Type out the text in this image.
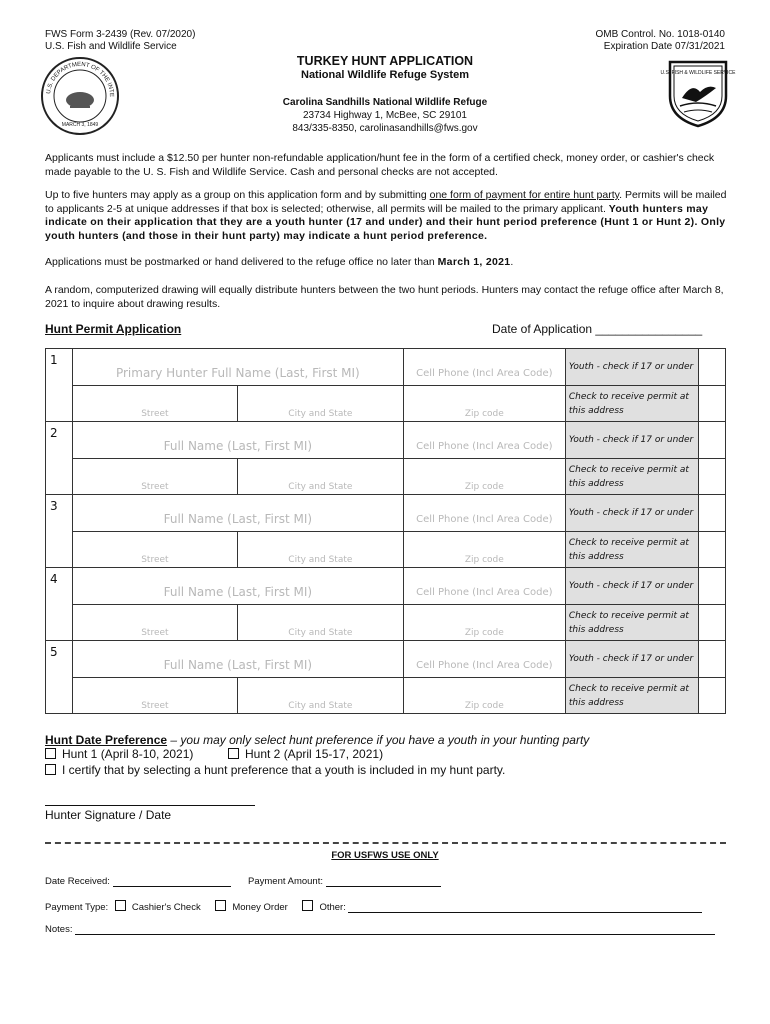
FWS Form 3-2439 (Rev. 07/2020)
U.S. Fish and Wildlife Service
OMB Control. No. 1018-0140
Expiration Date 07/31/2021
U.S. DEPARTMENT OF THE INTE
MARCH 3, 1849
U.S. FISH & WILDLIFE SERVICE
TURKEY HUNT APPLICATION
National Wildlife Refuge System
Carolina Sandhills National Wildlife Refuge
23734 Highway 1, McBee, SC 29101
843/335-8350, carolinasandhills@fws.gov
Applicants must include a $12.50 per hunter non-refundable application/hunt fee in the form of a certified check, money order, or cashier's check made payable to the U. S. Fish and Wildlife Service. Cash and personal checks are not accepted.
Up to five hunters may apply as a group on this application form and by submitting one form of payment for entire hunt party. Permits will be mailed to applicants 2-5 at unique addresses if that box is selected; otherwise, all permits will be mailed to the primary applicant. Youth hunters may indicate on their application that they are a youth hunter (17 and under) and their hunt period preference (Hunt 1 or Hunt 2). Only youth hunters (and those in their hunt party) may indicate a hunt period preference.
Applications must be postmarked or hand delivered to the refuge office no later than March 1, 2021.
A random, computerized drawing will equally distribute hunters between the two hunt periods. Hunters may contact the refuge office after March 8, 2021 to inquire about drawing results.
Hunt Permit Application	Date of Application ________________
1	Primary Hunter Full Name (Last, First MI)		Cell Phone (Incl Area Code)	Youth - check if 17 or under	
	Street	City and State	Zip code	Check to receive permit at this address	
2	Full Name (Last, First MI)		Cell Phone (Incl Area Code)	Youth - check if 17 or under	
	Street	City and State	Zip code	Check to receive permit at this address	
3	Full Name (Last, First MI)		Cell Phone (Incl Area Code)	Youth - check if 17 or under	
	Street	City and State	Zip code	Check to receive permit at this address	
4	Full Name (Last, First MI)		Cell Phone (Incl Area Code)	Youth - check if 17 or under	
	Street	City and State	Zip code	Check to receive permit at this address	
5	Full Name (Last, First MI)		Cell Phone (Incl Area Code)	Youth - check if 17 or under	
	Street	City and State	Zip code	Check to receive permit at this address	
Hunt Date Preference – you may only select hunt preference if you have a youth in your hunting party
Hunt 1 (April 8-10, 2021)	Hunt 2 (April 15-17, 2021)
I certify that by selecting a hunt preference that a youth is included in my hunt party.
Hunter Signature / Date
FOR USFWS USE ONLY
Date Received:	Payment Amount:
Payment Type: Cashier's Check	Money Order	Other:
Notes:
